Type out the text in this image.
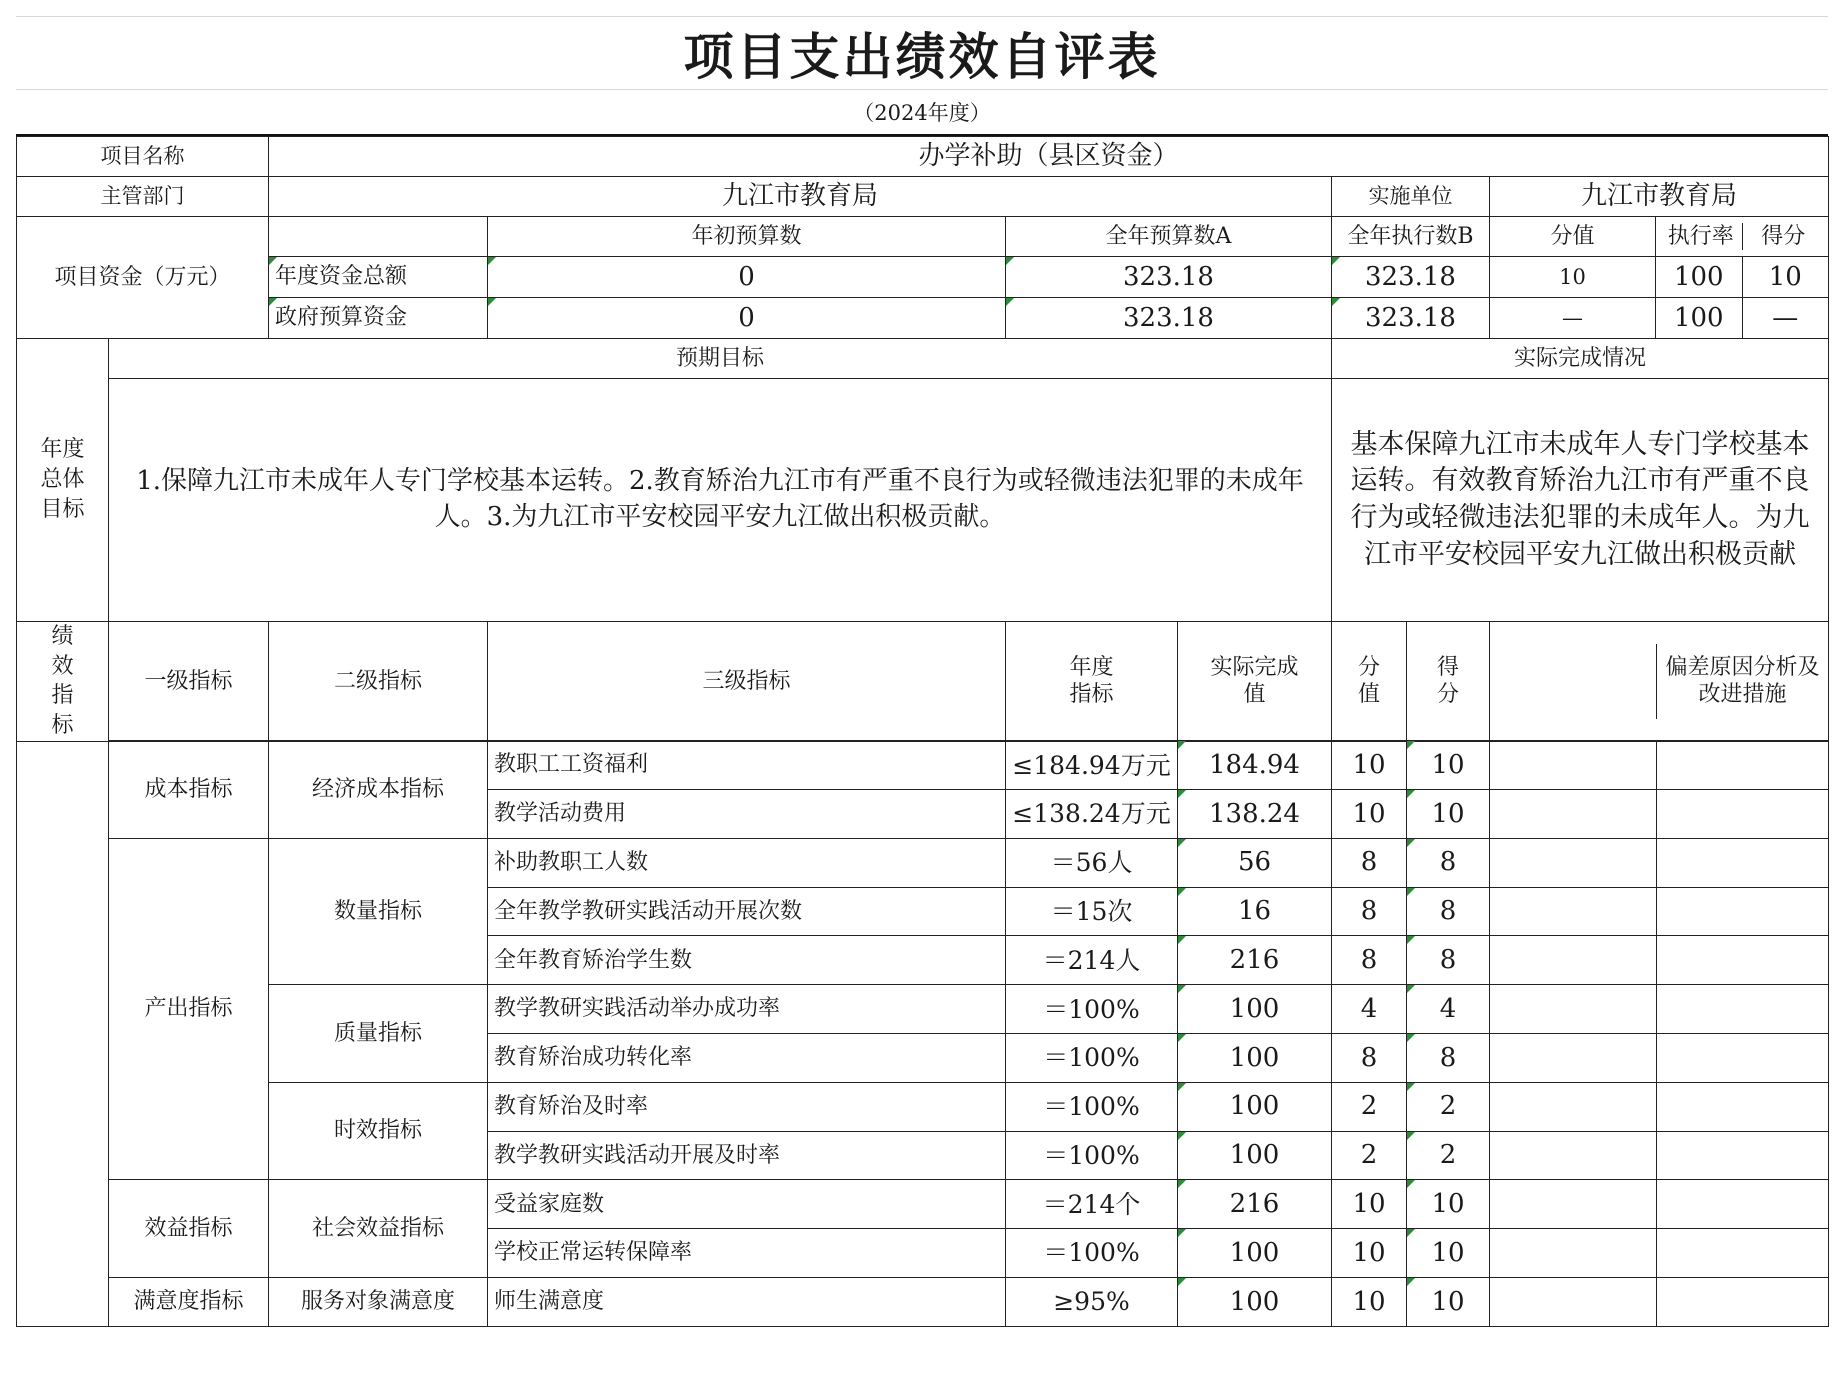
项目支出绩效自评表
（2024年度）
项目名称		办学补助（县区资金）							
主管部门		九江市教育局				实施单位		九江市教育局	
项目资金（万元）			年初预算数	全年预算数A		全年执行数B		分值	执行率 得分

		年度资金总额	0	323.18		323.18		10	100 10

		政府预算资金	0	323.18		323.18		—	100 —

年度总体目标	预期目标					实际完成情况			
	1.保障九江市未成年人专门学校基本运转。2.教育矫治九江市有严重不良行为或轻微违法犯罪的未成年人。3.为九江市平安校园平安九江做出积极贡献。					基本保障九江市未成年人专门学校基本运转。有效教育矫治九江市有严重不良行为或轻微违法犯罪的未成年人。为九江市平安校园平安九江做出积极贡献			
绩效指标	一级指标	二级指标	三级指标	年度指标	实际完成值	分值	得分	偏差原因分析及改进措施	
	成本指标	经济成本指标	教职工工资福利	≤184.94万元	184.94	10	10	

			教学活动费用	≤138.24万元	138.24	10	10	

	产出指标	数量指标	补助教职工人数	＝56人	56	8	8	

			全年教学教研实践活动开展次数	＝15次	16	8	8	

			全年教育矫治学生数	＝214人	216	8	8	

		质量指标	教学教研实践活动举办成功率	＝100%	100	4	4	

			教育矫治成功转化率	＝100%	100	8	8	

		时效指标	教育矫治及时率	＝100%	100	2	2	

			教学教研实践活动开展及时率	＝100%	100	2	2	

	效益指标	社会效益指标	受益家庭数	＝214个	216	10	10	

			学校正常运转保障率	＝100%	100	10	10	

	满意度指标	服务对象满意度	师生满意度	≥95%	100	10	10	
